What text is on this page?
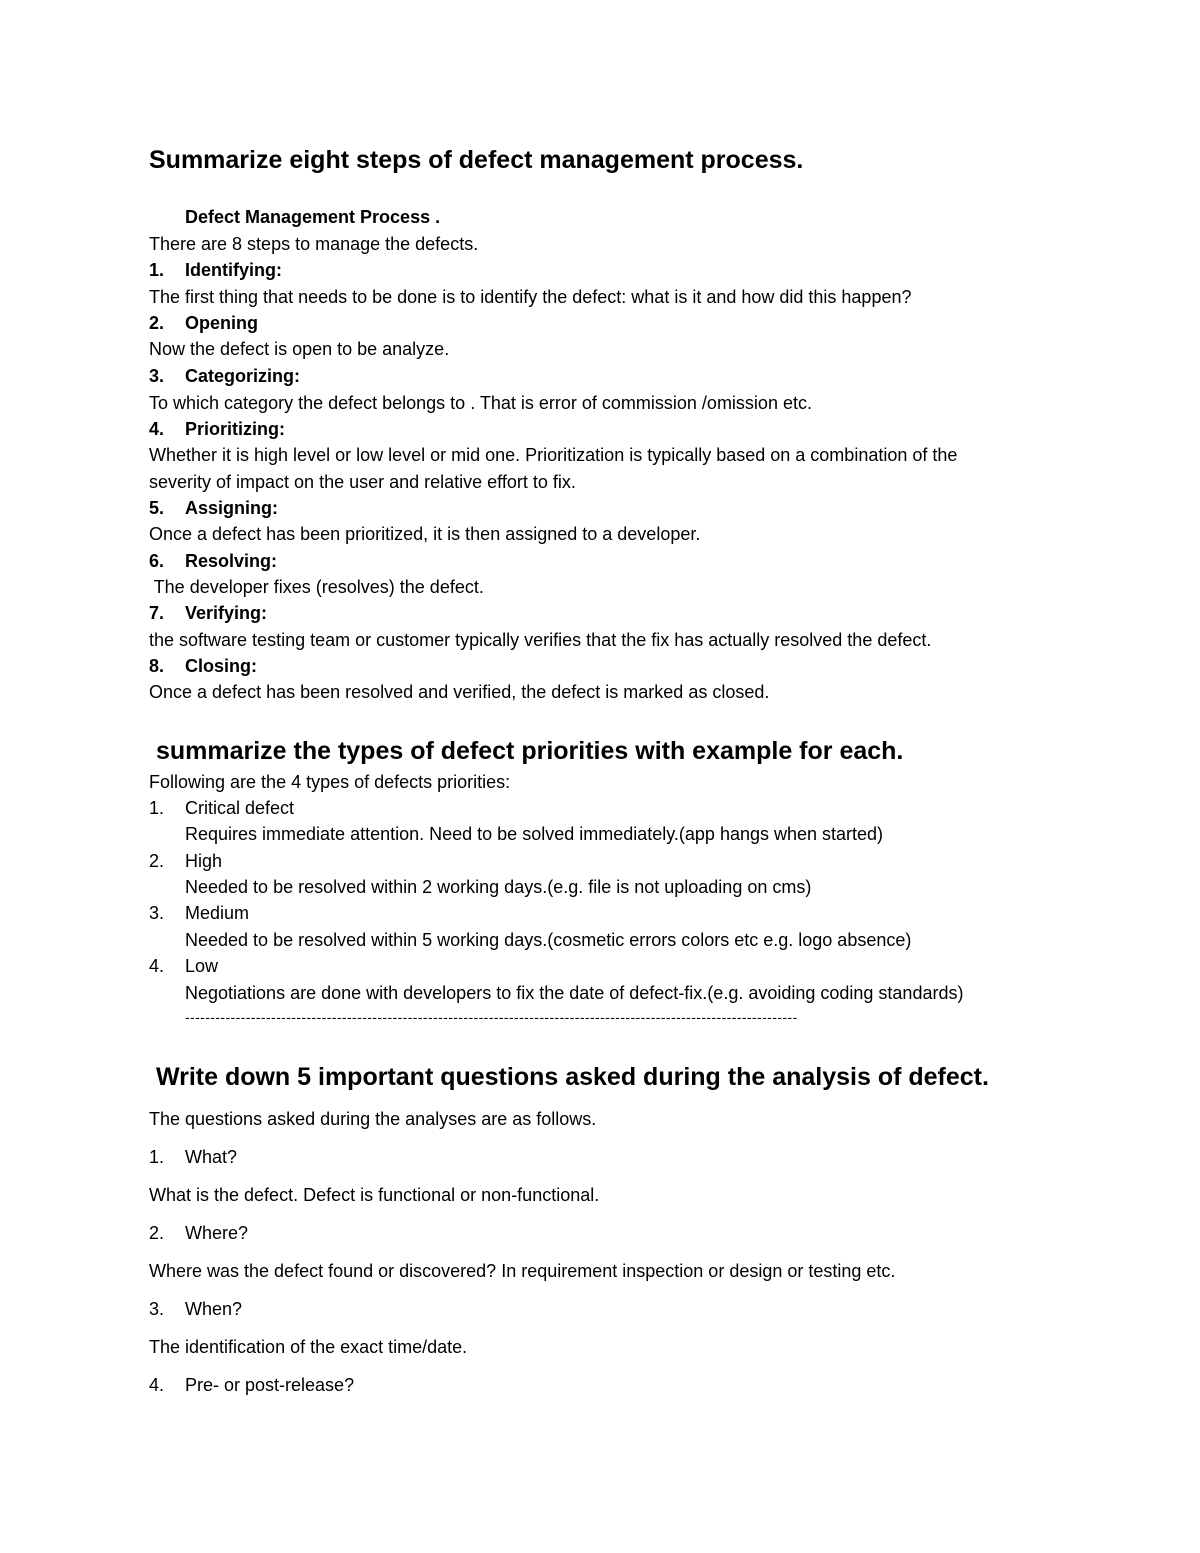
Summarize eight steps of defect management process.
Defect Management Process .
There are 8 steps to manage the defects.
1. Identifying:
The first thing that needs to be done is to identify the defect: what is it and how did this happen?
2. Opening
Now the defect is open to be analyze.
3. Categorizing:
To which category the defect belongs to . That is error of commission /omission etc.
4. Prioritizing:
Whether it is high level or low level or mid one. Prioritization is typically based on a combination of the
severity of impact on the user and relative effort to fix.
5. Assigning:
Once a defect has been prioritized, it is then assigned to a developer.
6. Resolving:
The developer fixes (resolves) the defect.
7. Verifying:
the software testing team or customer typically verifies that the fix has actually resolved the defect.
8. Closing:
Once a defect has been resolved and verified, the defect is marked as closed.
summarize the types of defect priorities with example for each.
Following are the 4 types of defects priorities:
1. Critical defect
Requires immediate attention. Need to be solved immediately.(app hangs when started)
2. High
Needed to be resolved within 2 working days.(e.g. file is not uploading on cms)
3. Medium
Needed to be resolved within 5 working days.(cosmetic errors colors etc e.g. logo absence)
4. Low
Negotiations are done with developers to fix the date of defect-fix.(e.g. avoiding coding standards)
-------------------------------------------------------------------------------------------------------------------------
Write down 5 important questions asked during the analysis of defect.
The questions asked during the analyses are as follows.
1. What?
What is the defect. Defect is functional or non-functional.
2. Where?
Where was the defect found or discovered? In requirement inspection or design or testing etc.
3. When?
The identification of the exact time/date.
4. Pre- or post-release?
